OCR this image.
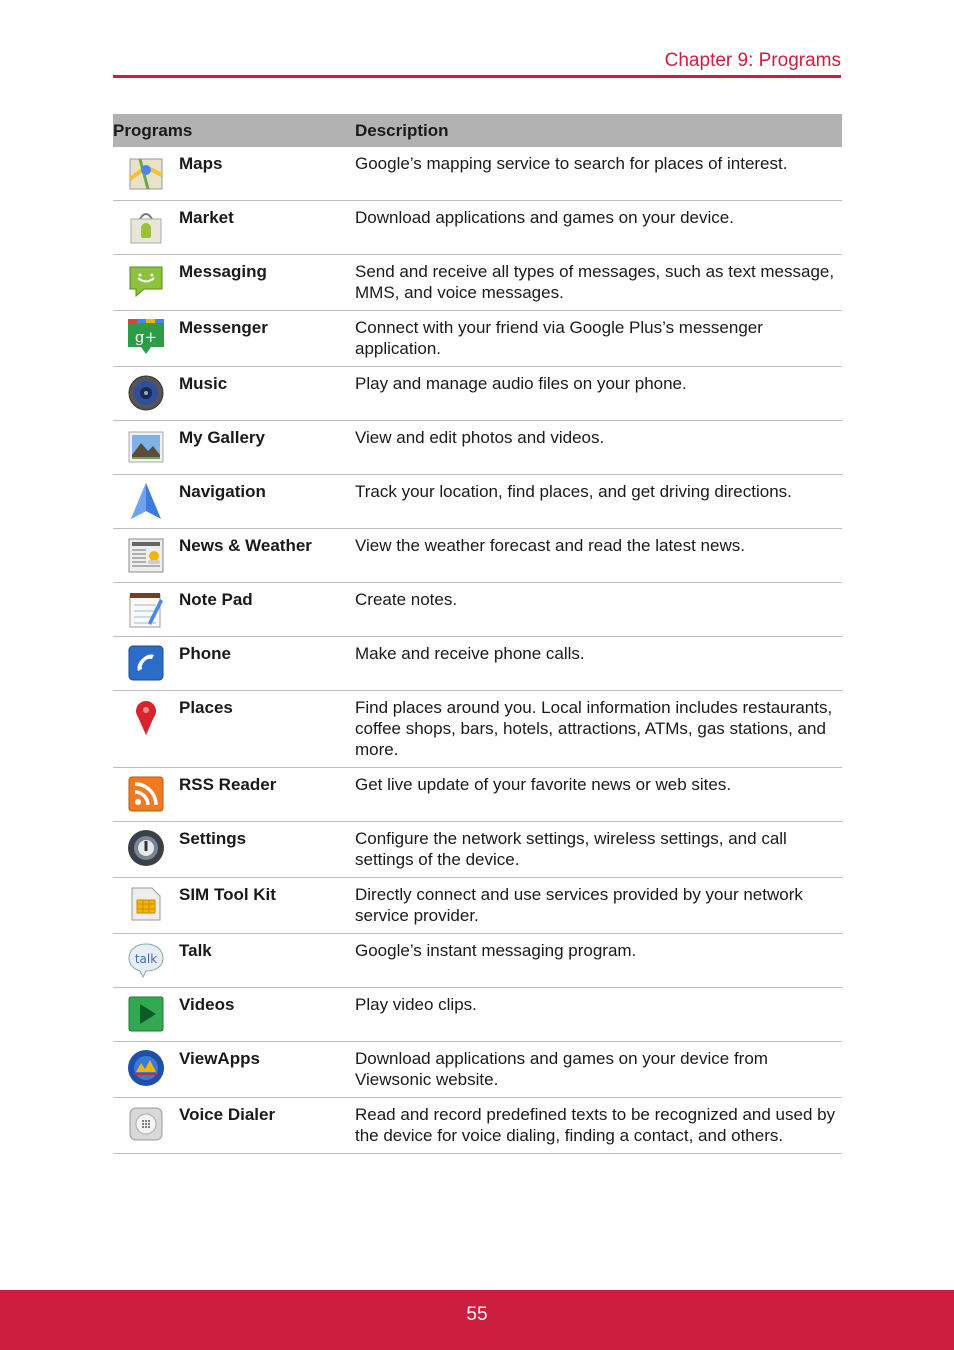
Chapter 9: Programs
Programs		Description
	Maps	Google’s mapping service to search for places of interest.
	Market	Download applications and games on your device.
	Messaging	Send and receive all types of messages, such as text message, MMS, and voice messages.

g+	Messenger	Connect with your friend via Google Plus’s messenger application.
	Music	Play and manage audio files on your phone.
	My Gallery	View and edit photos and videos.
	Navigation	Track your location, find places, and get driving directions.
	News & Weather	View the weather forecast and read the latest news.
	Note Pad	Create notes.
	Phone	Make and receive phone calls.
	Places	Find places around you. Local information includes restaurants, coffee shops, bars, hotels, attractions, ATMs, gas stations, and more.
	RSS Reader	Get live update of your favorite news or web sites.
	Settings	Configure the network settings, wireless settings, and call settings of the device.
	SIM Tool Kit	Directly connect and use services provided by your network service provider.

talk	Talk	Google’s instant messaging program.
	Videos	Play video clips.
	ViewApps	Download applications and games on your device from Viewsonic website.
	Voice Dialer	Read and record predefined texts to be recognized and used by the device for voice dialing, finding a contact, and others.
55
